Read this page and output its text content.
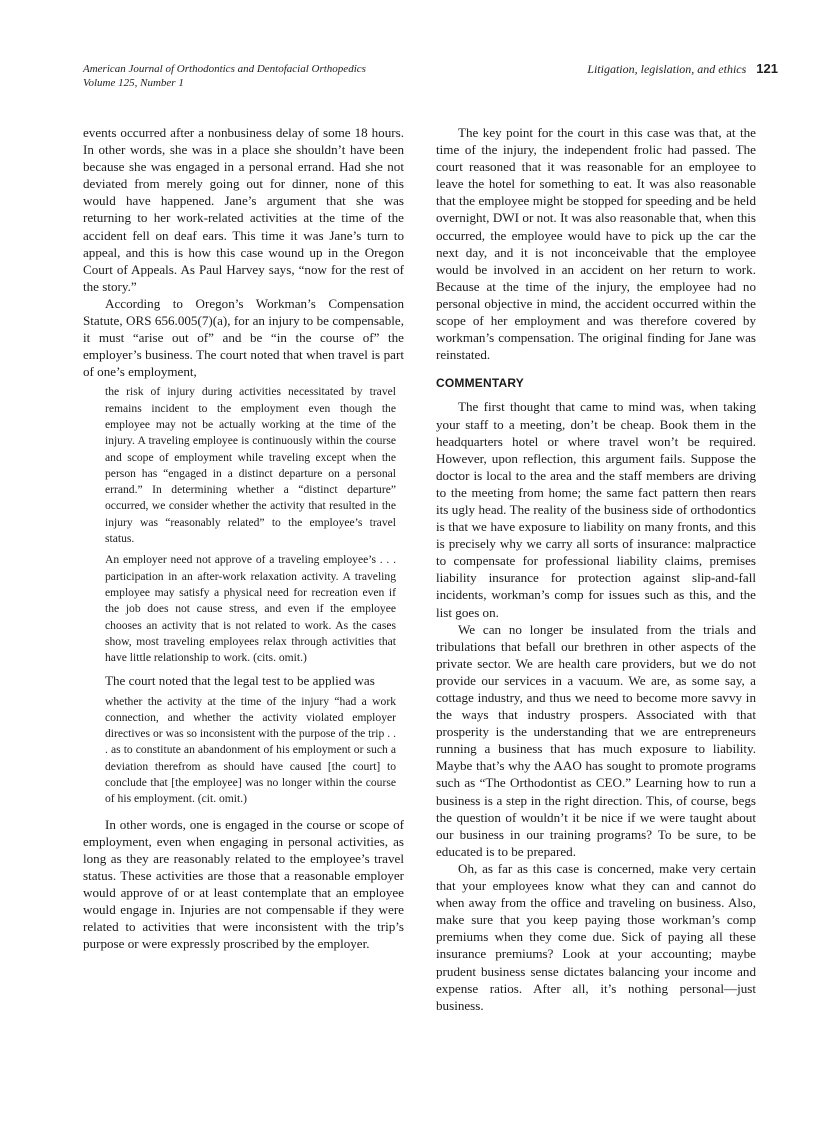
American Journal of Orthodontics and Dentofacial Orthopedics
Volume 125, Number 1
Litigation, legislation, and ethics 121

events occurred after a nonbusiness delay of some 18 hours. In other words, she was in a place she shouldn’t have been because she was engaged in a personal errand. Had she not deviated from merely going out for dinner, none of this would have happened. Jane’s argument that she was returning to her work-related activities at the time of the accident fell on deaf ears. This time it was Jane’s turn to appeal, and this is how this case wound up in the Oregon Court of Appeals. As Paul Harvey says, “now for the rest of the story.”

According to Oregon’s Workman’s Compensation Statute, ORS 656.005(7)(a), for an injury to be compensable, it must “arise out of” and be “in the course of” the employer’s business. The court noted that when travel is part of one’s employment,

the risk of injury during activities necessitated by travel remains incident to the employment even though the employee may not be actually working at the time of the injury. A traveling employee is continuously within the course and scope of employment while traveling except when the person has “engaged in a distinct departure on a personal errand.” In determining whether a “distinct departure” occurred, we consider whether the activity that resulted in the injury was “reasonably related” to the employee’s travel status.

An employer need not approve of a traveling employee’s . . . participation in an after-work relaxation activity. A traveling employee may satisfy a physical need for recreation even if the job does not cause stress, and even if the employee chooses an activity that is not related to work. As the cases show, most traveling employees relax through activities that have little relationship to work. (cits. omit.)

The court noted that the legal test to be applied was

whether the activity at the time of the injury “had a work connection, and whether the activity violated employer directives or was so inconsistent with the purpose of the trip . . . as to constitute an abandonment of his employment or such a deviation therefrom as should have caused [the court] to conclude that [the employee] was no longer within the course of his employment. (cit. omit.)

In other words, one is engaged in the course or scope of employment, even when engaging in personal activities, as long as they are reasonably related to the employee’s travel status. These activities are those that a reasonable employer would approve of or at least contemplate that an employee would engage in. Injuries are not compensable if they were related to activities that were inconsistent with the trip’s purpose or were expressly proscribed by the employer.

The key point for the court in this case was that, at the time of the injury, the independent frolic had passed. The court reasoned that it was reasonable for an employee to leave the hotel for something to eat. It was also reasonable that the employee might be stopped for speeding and be held overnight, DWI or not. It was also reasonable that, when this occurred, the employee would have to pick up the car the next day, and it is not inconceivable that the employee would be involved in an accident on her return to work. Because at the time of the injury, the employee had no personal objective in mind, the accident occurred within the scope of her employment and was therefore covered by workman’s compensation. The original finding for Jane was reinstated.

COMMENTARY

The first thought that came to mind was, when taking your staff to a meeting, don’t be cheap. Book them in the headquarters hotel or where travel won’t be required. However, upon reflection, this argument fails. Suppose the doctor is local to the area and the staff members are driving to the meeting from home; the same fact pattern then rears its ugly head. The reality of the business side of orthodontics is that we have exposure to liability on many fronts, and this is precisely why we carry all sorts of insurance: malpractice to compensate for professional liability claims, premises liability insurance for protection against slip-and-fall incidents, workman’s comp for issues such as this, and the list goes on.

We can no longer be insulated from the trials and tribulations that befall our brethren in other aspects of the private sector. We are health care providers, but we do not provide our services in a vacuum. We are, as some say, a cottage industry, and thus we need to become more savvy in the ways that industry prospers. Associated with that prosperity is the understanding that we are entrepreneurs running a business that has much exposure to liability. Maybe that’s why the AAO has sought to promote programs such as “The Orthodontist as CEO.” Learning how to run a business is a step in the right direction. This, of course, begs the question of wouldn’t it be nice if we were taught about our business in our training programs? To be sure, to be educated is to be prepared.

Oh, as far as this case is concerned, make very certain that your employees know what they can and cannot do when away from the office and traveling on business. Also, make sure that you keep paying those workman’s comp premiums when they come due. Sick of paying all these insurance premiums? Look at your accounting; maybe prudent business sense dictates balancing your income and expense ratios. After all, it’s nothing personal—just business.
